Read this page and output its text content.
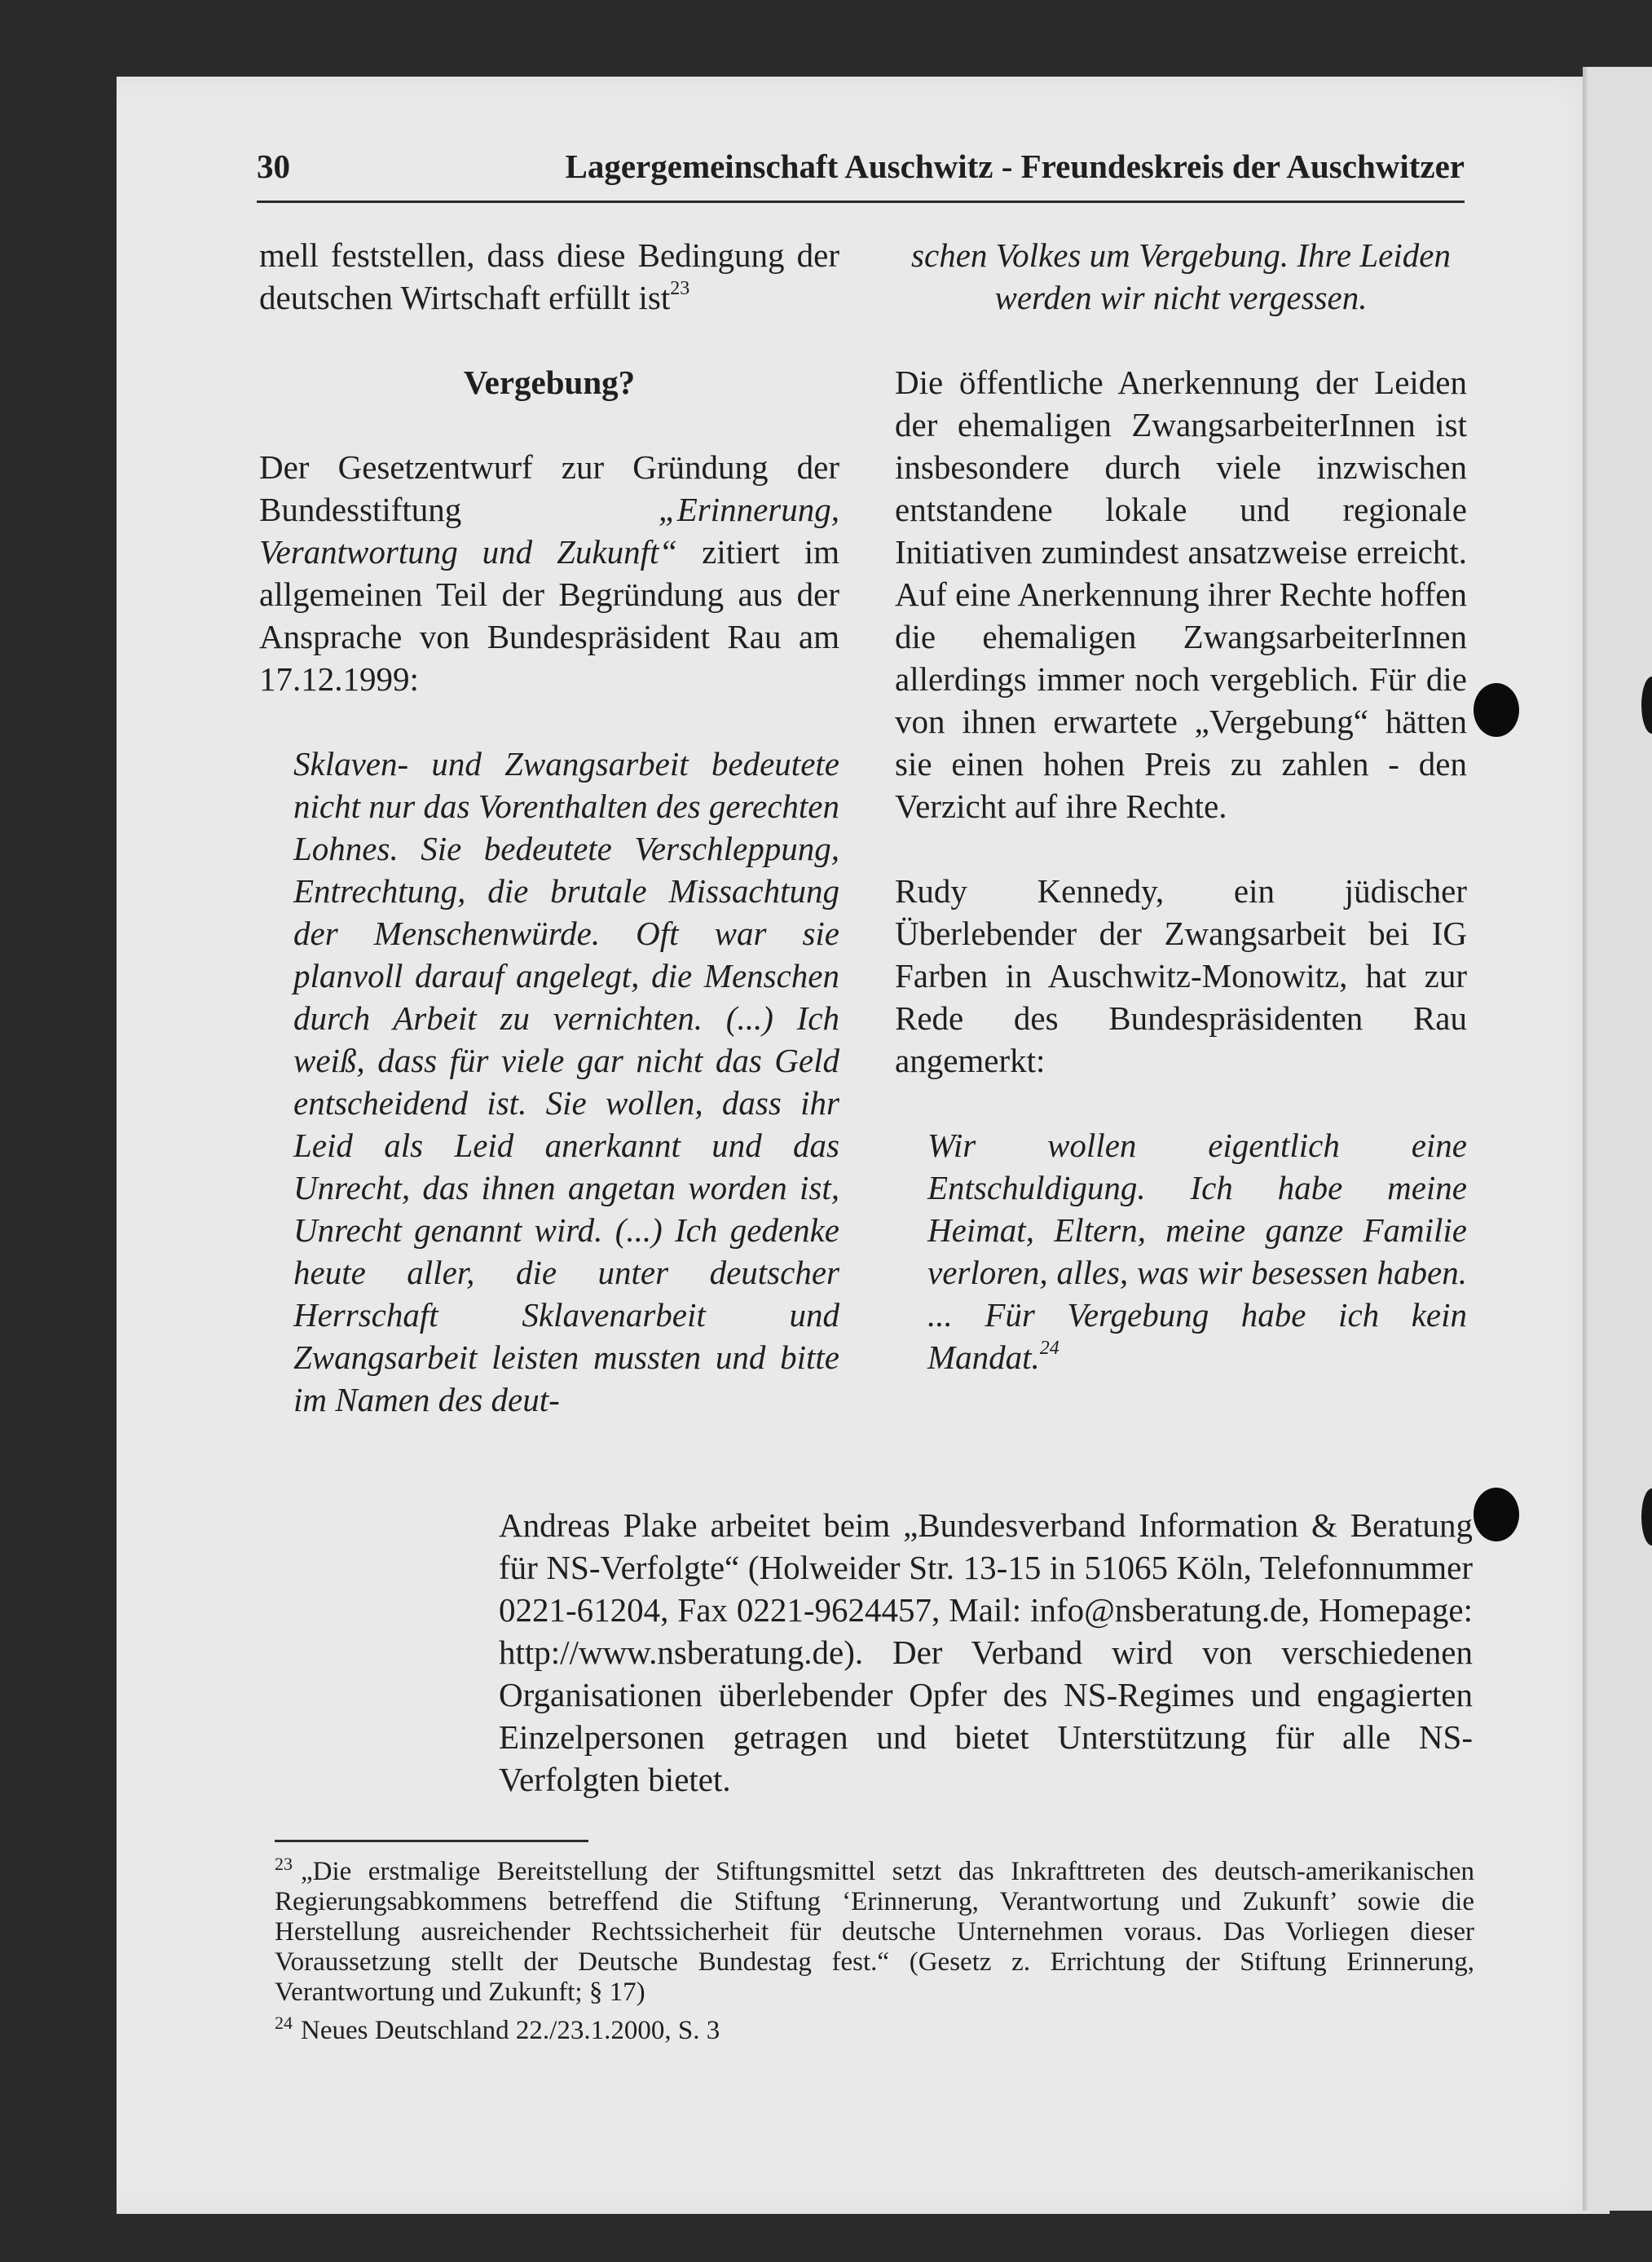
30	Lagergemeinschaft Auschwitz - Freundeskreis der Auschwitzer

mell feststellen, dass diese Bedingung der deutschen Wirtschaft erfüllt ist$^{23}$

Vergebung?

Der Gesetzentwurf zur Gründung der Bundesstiftung „Erinnerung, Verantwortung und Zukunft“ zitiert im allgemeinen Teil der Begründung aus der Ansprache von Bundespräsident Rau am 17.12.1999:

Sklaven- und Zwangsarbeit bedeutete nicht nur das Vorenthalten des gerechten Lohnes. Sie bedeutete Verschleppung, Entrechtung, die brutale Missachtung der Menschenwürde. Oft war sie planvoll darauf angelegt, die Menschen durch Arbeit zu vernichten. (...) Ich weiß, dass für viele gar nicht das Geld entscheidend ist. Sie wollen, dass ihr Leid als Leid anerkannt und das Unrecht, das ihnen angetan worden ist, Unrecht genannt wird. (...) Ich gedenke heute aller, die unter deutscher Herrschaft Sklavenarbeit und Zwangsarbeit leisten mussten und bitte im Namen des deut-

schen Volkes um Vergebung. Ihre Leiden werden wir nicht vergessen.

Die öffentliche Anerkennung der Leiden der ehemaligen ZwangsarbeiterInnen ist insbesondere durch viele inzwischen entstandene lokale und regionale Initiativen zumindest ansatzweise erreicht. Auf eine Anerkennung ihrer Rechte hoffen die ehemaligen ZwangsarbeiterInnen allerdings immer noch vergeblich. Für die von ihnen erwartete „Vergebung“ hätten sie einen hohen Preis zu zahlen - den Verzicht auf ihre Rechte.

Rudy Kennedy, ein jüdischer Überlebender der Zwangsarbeit bei IG Farben in Auschwitz-Monowitz, hat zur Rede des Bundespräsidenten Rau angemerkt:

Wir wollen eigentlich eine Entschuldigung. Ich habe meine Heimat, Eltern, meine ganze Familie verloren, alles, was wir besessen haben. ... Für Vergebung habe ich kein Mandat.$^{24}$

Andreas Plake arbeitet beim „Bundesverband Information & Beratung für NS-Verfolgte“ (Holweider Str. 13-15 in 51065 Köln, Telefonnummer 0221-61204, Fax 0221-9624457, Mail: info@nsberatung.de, Homepage: http://www.nsberatung.de). Der Verband wird von verschiedenen Organisationen überlebender Opfer des NS-Regimes und engagierten Einzelpersonen getragen und bietet Unterstützung für alle NS-Verfolgten bietet.

$^{23}$ „Die erstmalige Bereitstellung der Stiftungsmittel setzt das Inkrafttreten des deutsch-amerikanischen Regierungsabkommens betreffend die Stiftung ‘Erinnerung, Verantwortung und Zukunft’ sowie die Herstellung ausreichender Rechtssicherheit für deutsche Unternehmen voraus. Das Vorliegen dieser Voraussetzung stellt der Deutsche Bundestag fest.“ (Gesetz z. Errichtung der Stiftung Erinnerung, Verantwortung und Zukunft; § 17)

$^{24}$ Neues Deutschland 22./23.1.2000, S. 3
